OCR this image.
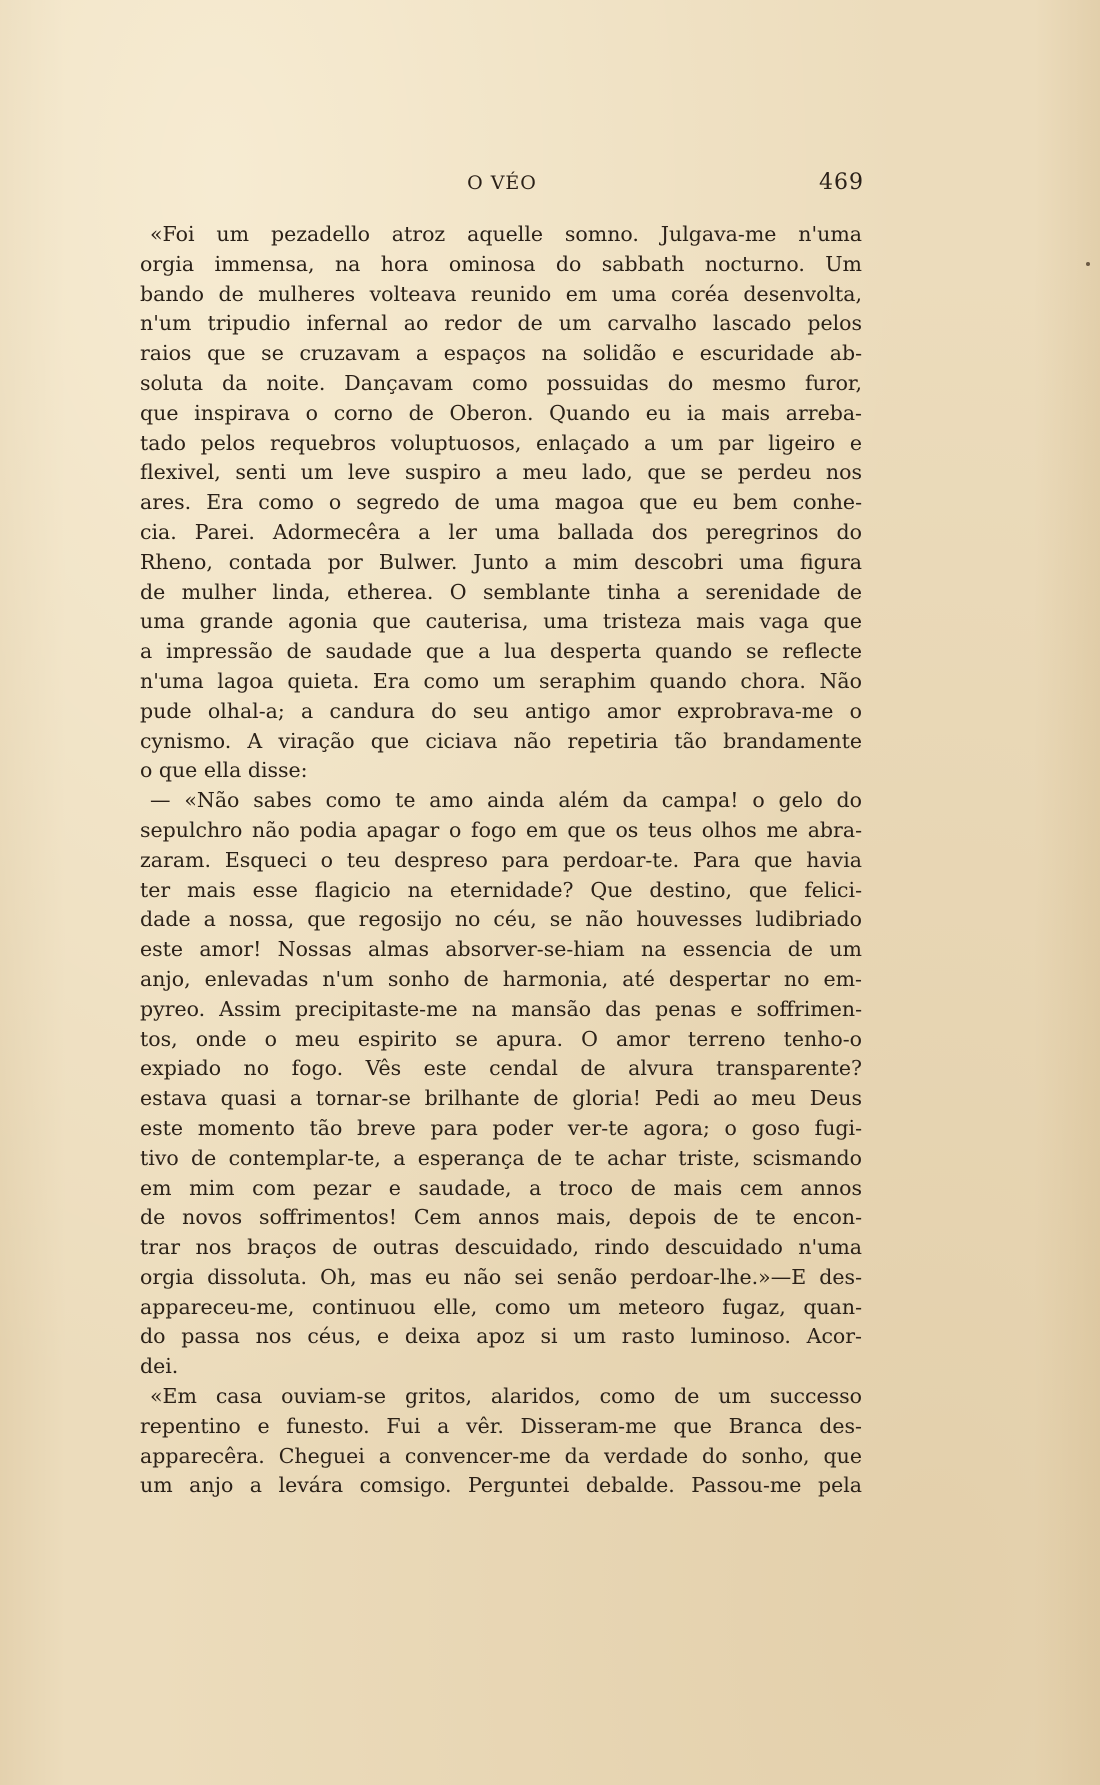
O VÉO	469
«Foi um pezadello atroz aquelle somno. Julgava-me n'uma
orgia immensa, na hora ominosa do sabbath nocturno. Um
bando de mulheres volteava reunido em uma coréa desenvolta,
n'um tripudio infernal ao redor de um carvalho lascado pelos
raios que se cruzavam a espaços na solidão e escuridade ab-
soluta da noite. Dançavam como possuidas do mesmo furor,
que inspirava o corno de Oberon. Quando eu ia mais arreba-
tado pelos requebros voluptuosos, enlaçado a um par ligeiro e
flexivel, senti um leve suspiro a meu lado, que se perdeu nos
ares. Era como o segredo de uma magoa que eu bem conhe-
cia. Parei. Adormecêra a ler uma ballada dos peregrinos do
Rheno, contada por Bulwer. Junto a mim descobri uma figura
de mulher linda, etherea. O semblante tinha a serenidade de
uma grande agonia que cauterisa, uma tristeza mais vaga que
a impressão de saudade que a lua desperta quando se reflecte
n'uma lagoa quieta. Era como um seraphim quando chora. Não
pude olhal-a; a candura do seu antigo amor exprobrava-me o
cynismo. A viração que ciciava não repetiria tão brandamente
o que ella disse:
— «Não sabes como te amo ainda além da campa! o gelo do
sepulchro não podia apagar o fogo em que os teus olhos me abra-
zaram. Esqueci o teu despreso para perdoar-te. Para que havia
ter mais esse flagicio na eternidade? Que destino, que felici-
dade a nossa, que regosijo no céu, se não houvesses ludibriado
este amor! Nossas almas absorver-se-hiam na essencia de um
anjo, enlevadas n'um sonho de harmonia, até despertar no em-
pyreo. Assim precipitaste-me na mansão das penas e soffrimen-
tos, onde o meu espirito se apura. O amor terreno tenho-o
expiado no fogo. Vês este cendal de alvura transparente?
estava quasi a tornar-se brilhante de gloria! Pedi ao meu Deus
este momento tão breve para poder ver-te agora; o goso fugi-
tivo de contemplar-te, a esperança de te achar triste, scismando
em mim com pezar e saudade, a troco de mais cem annos
de novos soffrimentos! Cem annos mais, depois de te encon-
trar nos braços de outras descuidado, rindo descuidado n'uma
orgia dissoluta. Oh, mas eu não sei senão perdoar-lhe.»—E des-
appareceu-me, continuou elle, como um meteoro fugaz, quan-
do passa nos céus, e deixa apoz si um rasto luminoso. Acor-
dei.
«Em casa ouviam-se gritos, alaridos, como de um successo
repentino e funesto. Fui a vêr. Disseram-me que Branca des-
apparecêra. Cheguei a convencer-me da verdade do sonho, que
um anjo a levára comsigo. Perguntei debalde. Passou-me pela
